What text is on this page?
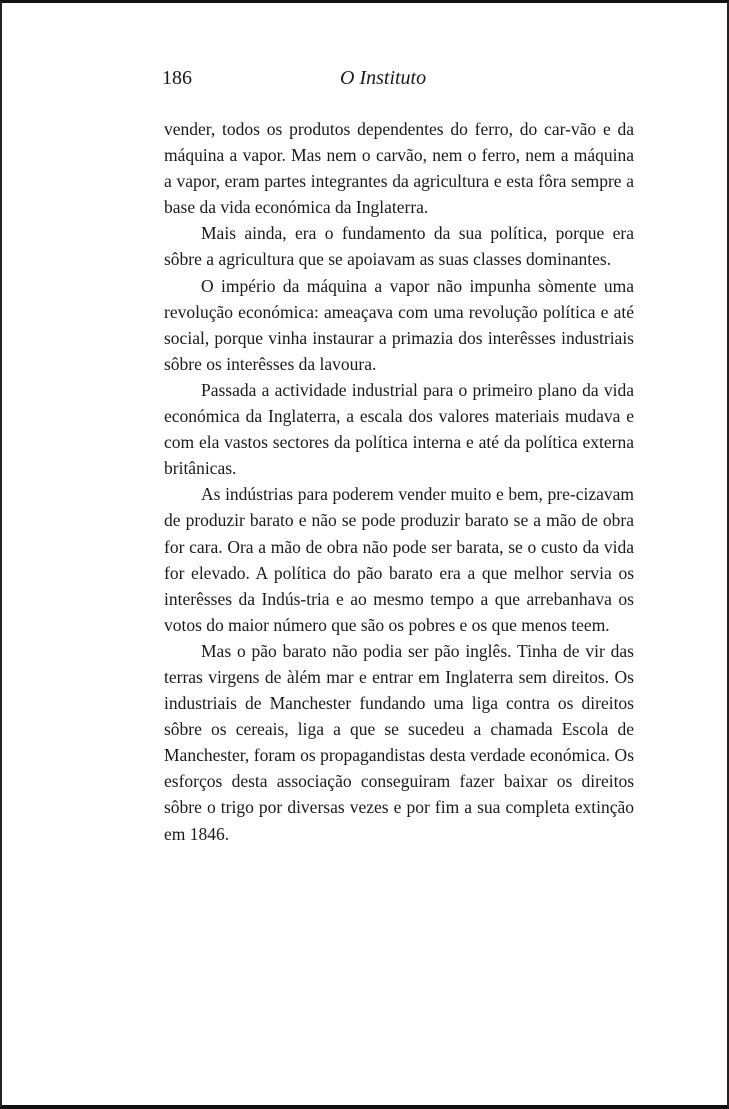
186	O Instituto

vender, todos os produtos dependentes do ferro, do car-vão e da máquina a vapor. Mas nem o carvão, nem o ferro, nem a máquina a vapor, eram partes integrantes da agricultura e esta fôra sempre a base da vida económica da Inglaterra.

Mais ainda, era o fundamento da sua política, porque era sôbre a agricultura que se apoiavam as suas classes dominantes.

O império da máquina a vapor não impunha sòmente uma revolução económica: ameaçava com uma revolução política e até social, porque vinha instaurar a primazia dos interêsses industriais sôbre os interêsses da lavoura.

Passada a actividade industrial para o primeiro plano da vida económica da Inglaterra, a escala dos valores materiais mudava e com ela vastos sectores da política interna e até da política externa britânicas.

As indústrias para poderem vender muito e bem, pre-cizavam de produzir barato e não se pode produzir barato se a mão de obra for cara. Ora a mão de obra não pode ser barata, se o custo da vida for elevado. A política do pão barato era a que melhor servia os interêsses da Indús-tria e ao mesmo tempo a que arrebanhava os votos do maior número que são os pobres e os que menos teem.

Mas o pão barato não podia ser pão inglês. Tinha de vir das terras virgens de àlém mar e entrar em Inglaterra sem direitos. Os industriais de Manchester fundando uma liga contra os direitos sôbre os cereais, liga a que se sucedeu a chamada Escola de Manchester, foram os propagandistas desta verdade económica. Os esforços desta associação conseguiram fazer baixar os direitos sôbre o trigo por diversas vezes e por fim a sua completa extinção em 1846.
